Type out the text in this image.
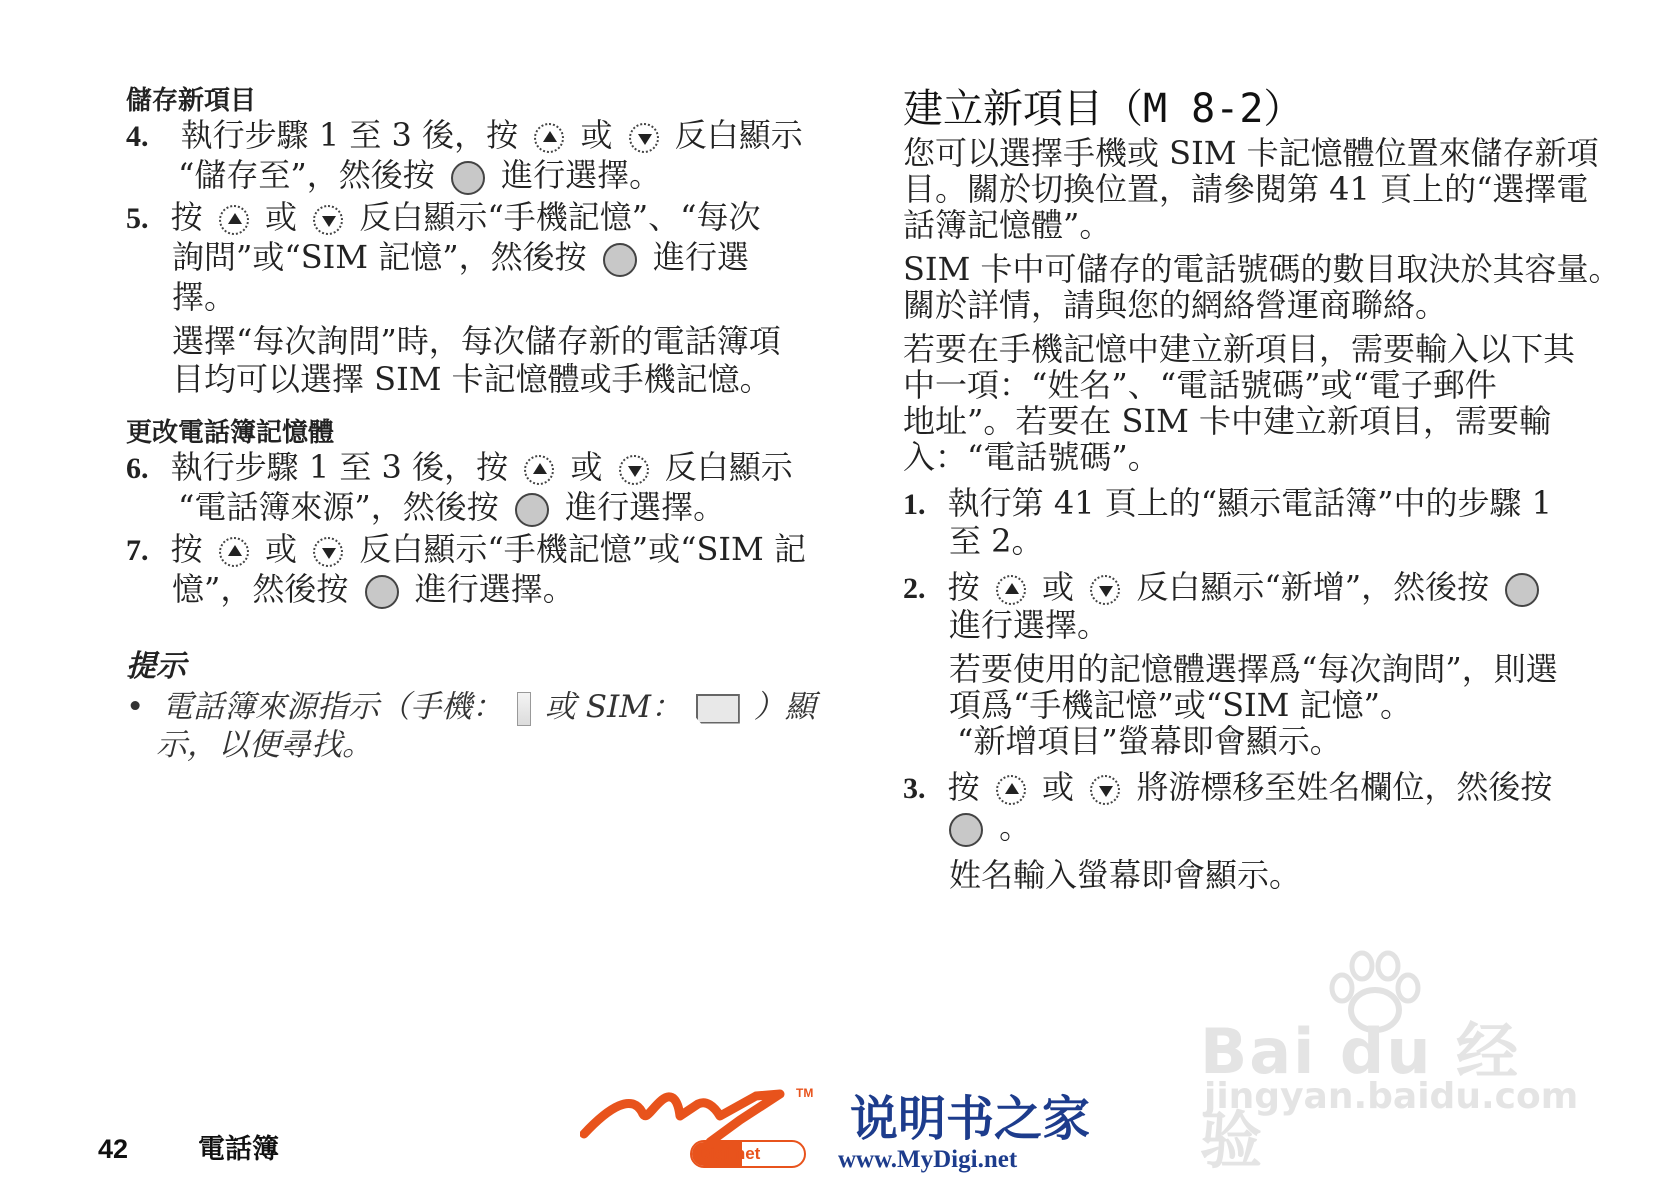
儲存新項目
4. 執行步驟 1 至 3 後，按 或 反白顯示
“儲存至”，然後按 進行選擇。
5. 按 或 反白顯示“手機記憶”、“每次
詢問”或“SIM 記憶”，然後按 進行選
擇。
選擇“每次詢問”時，每次儲存新的電話簿項
目均可以選擇 SIM 卡記憶體或手機記憶。
更改電話簿記憶體
6. 執行步驟 1 至 3 後，按 或 反白顯示
“電話簿來源”，然後按 進行選擇。
7. 按 或 反白顯示“手機記憶”或“SIM 記
憶”，然後按 進行選擇。
提示
• 電話簿來源指示（手機： 或 SIM： ）顯
示，以便尋找。
建立新項目（M 8-2）
您可以選擇手機或 SIM 卡記憶體位置來儲存新項
目。關於切換位置，請參閱第 41 頁上的“選擇電
話簿記憶體”。
SIM 卡中可儲存的電話號碼的數目取決於其容量。
關於詳情，請與您的網絡營運商聯絡。
若要在手機記憶中建立新項目，需要輸入以下其
中一項：“姓名”、“電話號碼”或“電子郵件
地址”。若要在 SIM 卡中建立新項目，需要輸
入：“電話號碼”。
1. 執行第 41 頁上的“顯示電話簿”中的步驟 1
至 2。
2. 按 或 反白顯示“新增”，然後按
進行選擇。
若要使用的記憶體選擇爲“每次詢問”，則選
項爲“手機記憶”或“SIM 記憶”。
“新增項目”螢幕即會顯示。
3. 按 或 將游標移至姓名欄位，然後按
。
姓名輸入螢幕即會顯示。
Bai du 经验
jingyan.baidu.com
42	電話簿
TM
Digi.net
说明书之家
www.MyDigi.net
